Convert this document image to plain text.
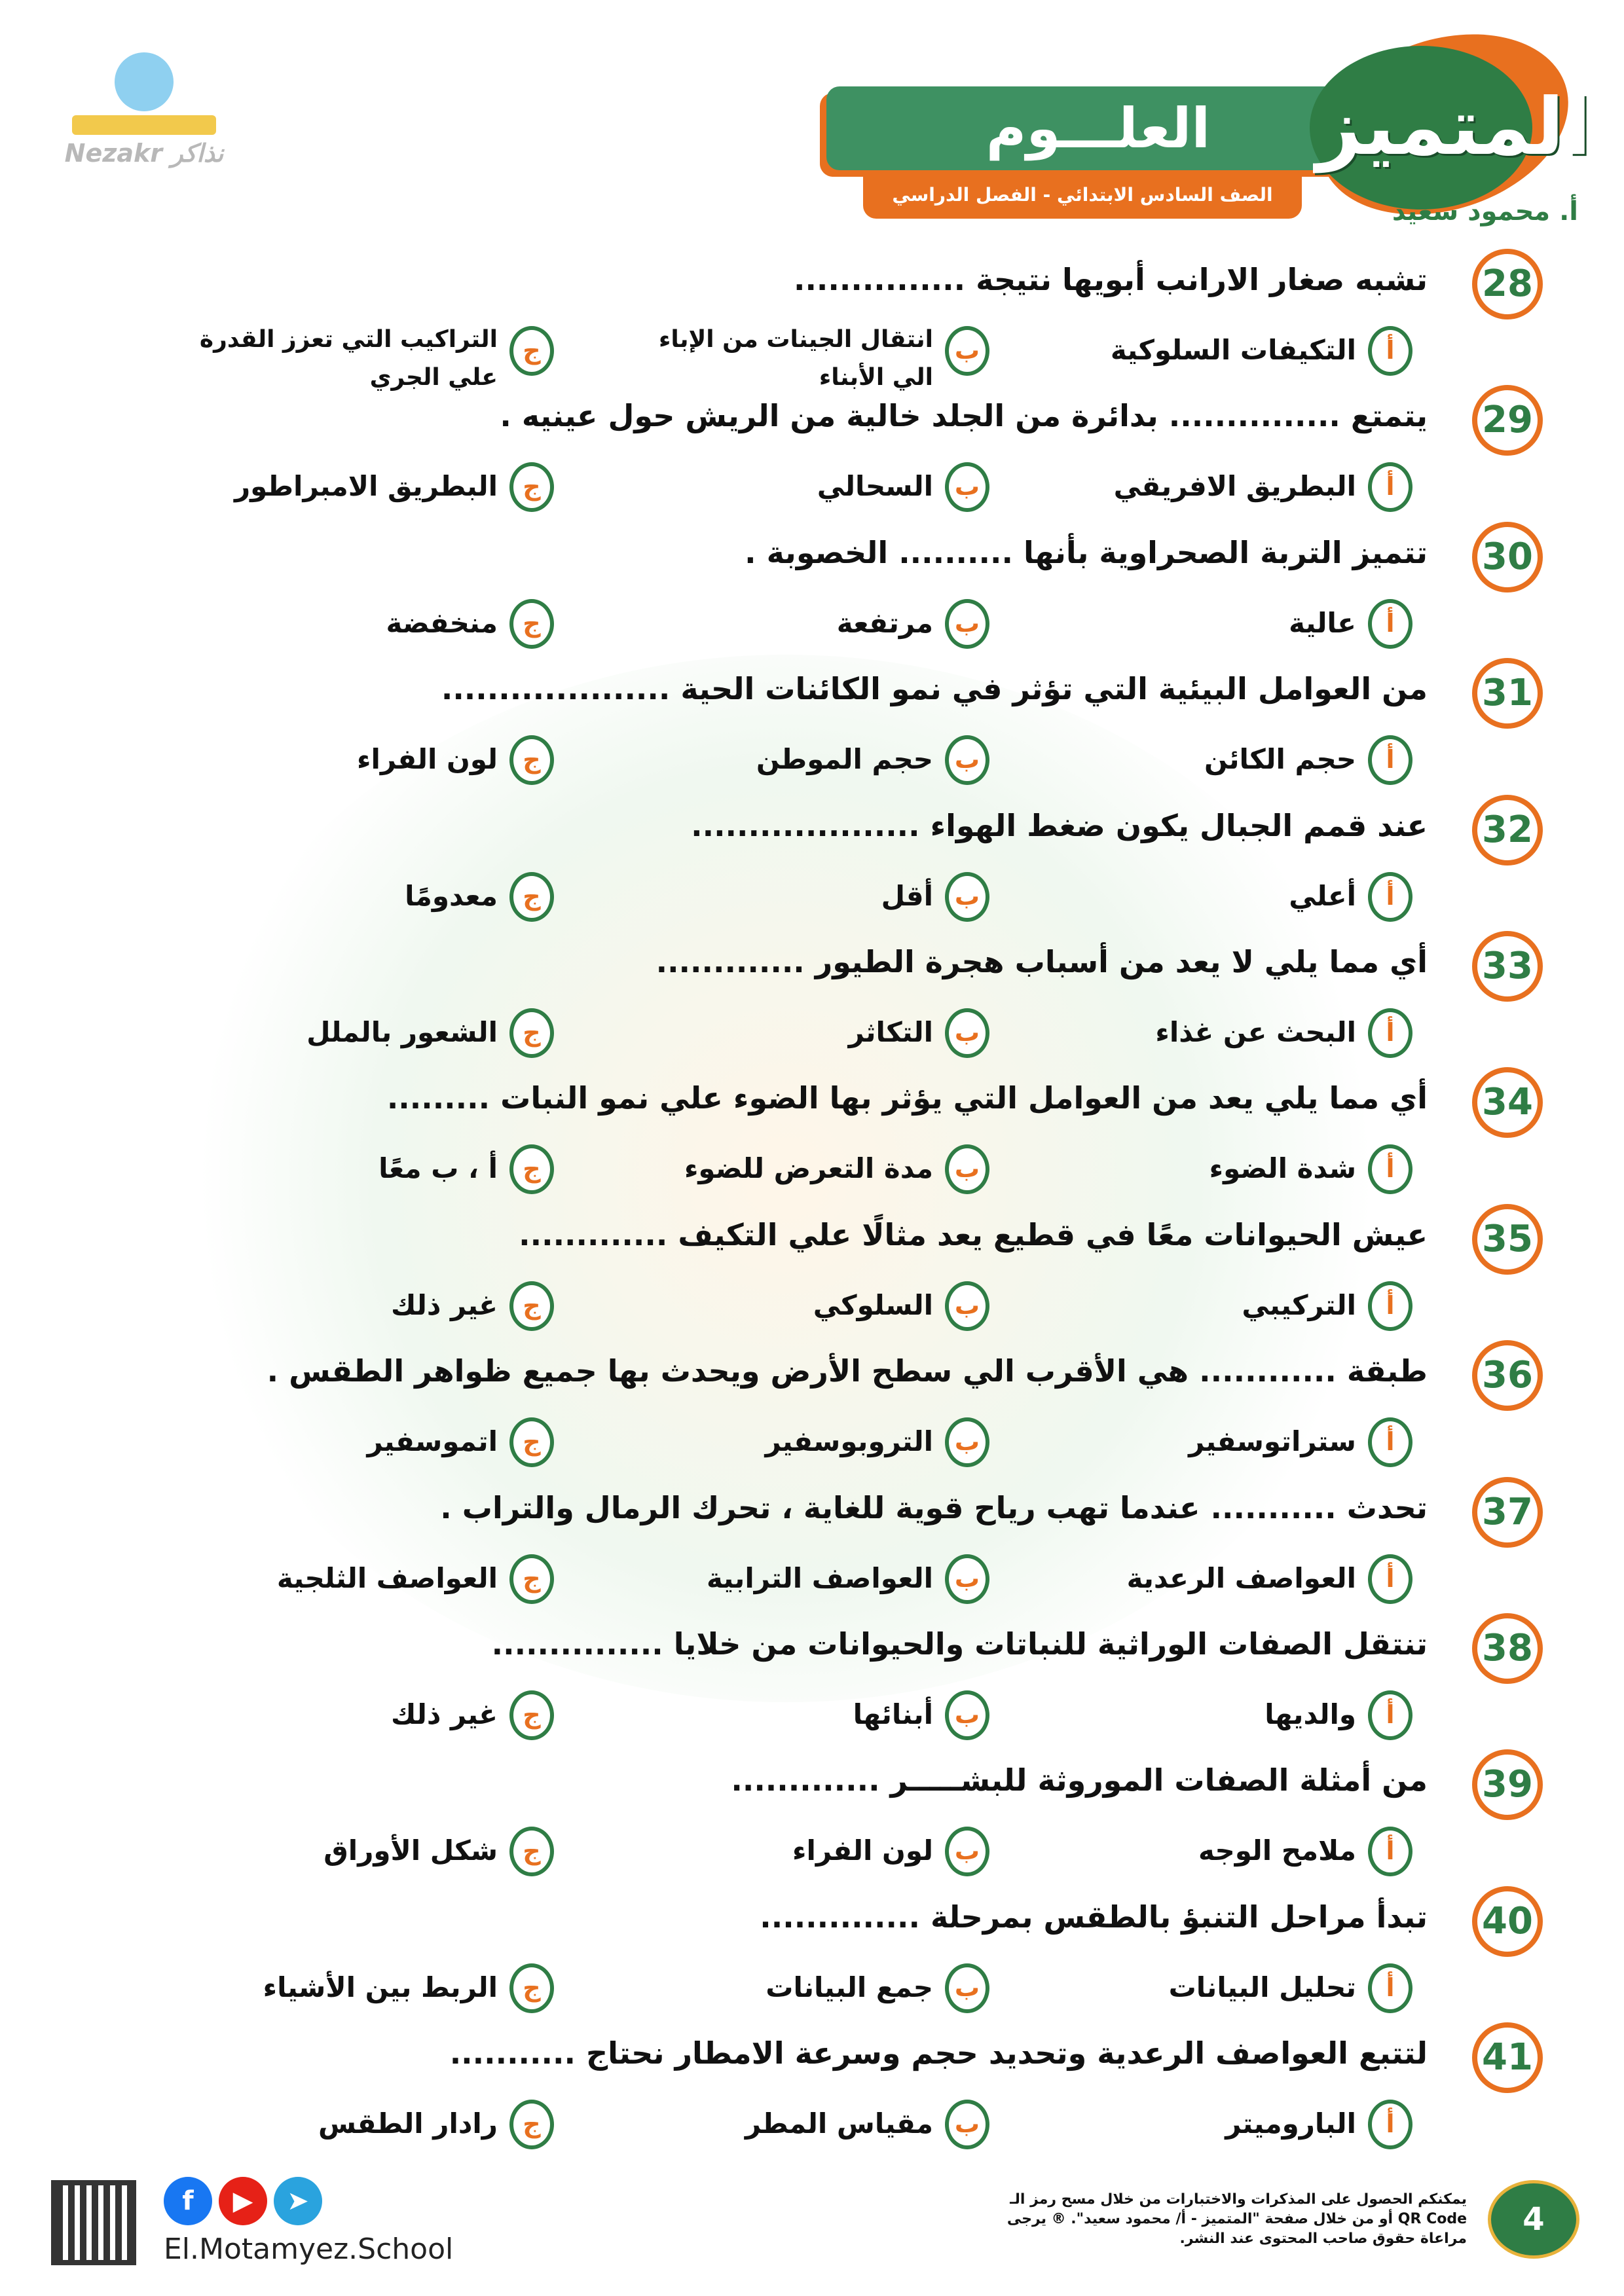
Nezakr نذاكر	العلـــوم
الصف السادس الابتدائي - الفصل الدراسي الثاني
المتميز
أ. محمود سعيد
28
تشبه صغار الارانب أبويها نتيجة ...............
أ
التكيفات السلوكية
ب
انتقال الجينات من الإباء الي الأبناء
ج
التراكيب التي تعزز القدرة علي الجري
29
يتمتع ............... بدائرة من الجلد خالية من الريش حول عينيه .
أ
البطريق الافريقي
ب
السحالي
ج
البطريق الامبراطور
30
تتميز التربة الصحراوية بأنها .......... الخصوبة .
أ
عالية
ب
مرتفعة
ج
منخفضة
31
من العوامل البيئية التي تؤثر في نمو الكائنات الحية ....................
أ
حجم الكائن
ب
حجم الموطن
ج
لون الفراء
32
عند قمم الجبال يكون ضغط الهواء ....................
أ
أعلي
ب
أقل
ج
معدومًا
33
أي مما يلي لا يعد من أسباب هجرة الطيور .............
أ
البحث عن غذاء
ب
التكاثر
ج
الشعور بالملل
34
أي مما يلي يعد من العوامل التي يؤثر بها الضوء علي نمو النبات .........
أ
شدة الضوء
ب
مدة التعرض للضوء
ج
أ ، ب معًا
35
عيش الحيوانات معًا في قطيع يعد مثالًا علي التكيف .............
أ
التركيبي
ب
السلوكي
ج
غير ذلك
36
طبقة ............ هي الأقرب الي سطح الأرض ويحدث بها جميع ظواهر الطقس .
أ
ستراتوسفير
ب
التروبوسفير
ج
اتموسفير
37
تحدث ........... عندما تهب رياح قوية للغاية ، تحرك الرمال والتراب .
أ
العواصف الرعدية
ب
العواصف الترابية
ج
العواصف الثلجية
38
تنتقل الصفات الوراثية للنباتات والحيوانات من خلايا ...............
أ
والديها
ب
أبنائها
ج
غير ذلك
39
من أمثلة الصفات الموروثة للبشـــــر .............
أ
ملامح الوجه
ب
لون الفراء
ج
شكل الأوراق
40
تبدأ مراحل التنبؤ بالطقس بمرحلة ..............
أ
تحليل البيانات
ب
جمع البيانات
ج
الربط بين الأشياء
41
لتتبع العواصف الرعدية وتحديد حجم وسرعة الامطار نحتاج ...........
أ
الباروميتر
ب
مقياس المطر
ج
رادار الطقس
4
يمكنكم الحصول على المذكرات والاختبارات من خلال مسح رمز الـ QR Code أو من خلال صفحة "المتميز - أ/ محمود سعيد". ® يرجى مراعاة حقوق صاحب المحتوى عند النشر.
f ▶ ➤
El.Motamyez.School
